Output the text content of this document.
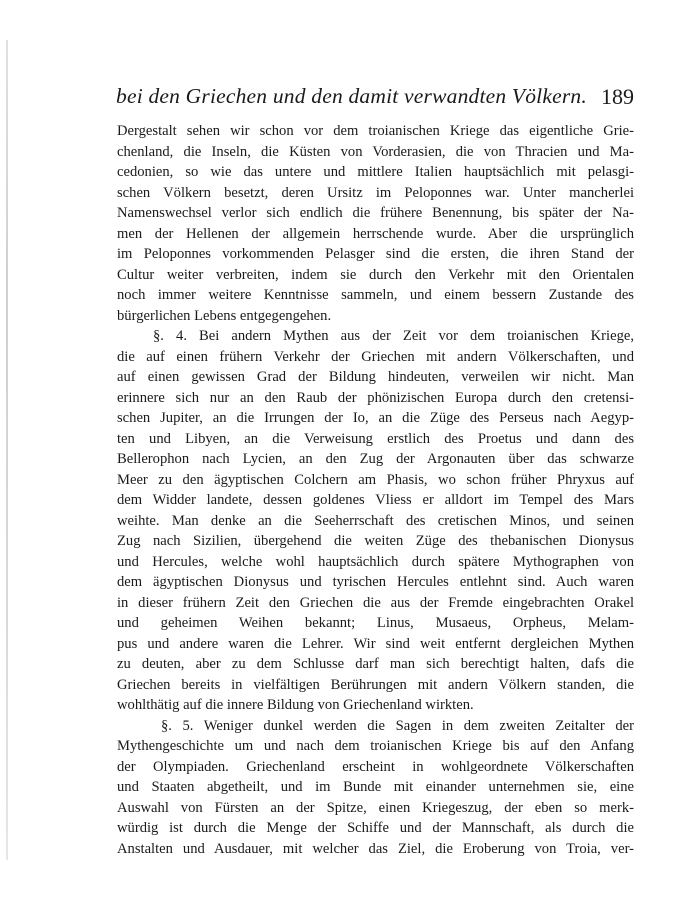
bei den Griechen und den damit verwandten Völkern. 189
Dergestalt sehen wir schon vor dem troianischen Kriege das eigentliche Grie-
chenland, die Inseln, die Küsten von Vorderasien, die von Thracien und Ma-
cedonien, so wie das untere und mittlere Italien hauptsächlich mit pelasgi-
schen Völkern besetzt, deren Ursitz im Peloponnes war. Unter mancherlei
Namenswechsel verlor sich endlich die frühere Benennung, bis später der Na-
men der Hellenen der allgemein herrschende wurde. Aber die ursprünglich
im Peloponnes vorkommenden Pelasger sind die ersten, die ihren Stand der
Cultur weiter verbreiten, indem sie durch den Verkehr mit den Orientalen
noch immer weitere Kenntnisse sammeln, und einem bessern Zustande des
bürgerlichen Lebens entgegengehen.
§. 4. Bei andern Mythen aus der Zeit vor dem troianischen Kriege,
die auf einen frühern Verkehr der Griechen mit andern Völkerschaften, und
auf einen gewissen Grad der Bildung hindeuten, verweilen wir nicht. Man
erinnere sich nur an den Raub der phönizischen Europa durch den cretensi-
schen Jupiter, an die Irrungen der Io, an die Züge des Perseus nach Aegyp-
ten und Libyen, an die Verweisung erstlich des Proetus und dann des
Bellerophon nach Lycien, an den Zug der Argonauten über das schwarze
Meer zu den ägyptischen Colchern am Phasis, wo schon früher Phryxus auf
dem Widder landete, dessen goldenes Vliess er alldort im Tempel des Mars
weihte. Man denke an die Seeherrschaft des cretischen Minos, und seinen
Zug nach Sizilien, übergehend die weiten Züge des thebanischen Dionysus
und Hercules, welche wohl hauptsächlich durch spätere Mythographen von
dem ägyptischen Dionysus und tyrischen Hercules entlehnt sind. Auch waren
in dieser frühern Zeit den Griechen die aus der Fremde eingebrachten Orakel
und geheimen Weihen bekannt; Linus, Musaeus, Orpheus, Melam-
pus und andere waren die Lehrer. Wir sind weit entfernt dergleichen Mythen
zu deuten, aber zu dem Schlusse darf man sich berechtigt halten, dafs die
Griechen bereits in vielfältigen Berührungen mit andern Völkern standen, die
wohlthätig auf die innere Bildung von Griechenland wirkten.
§. 5. Weniger dunkel werden die Sagen in dem zweiten Zeitalter der
Mythengeschichte um und nach dem troianischen Kriege bis auf den Anfang
der Olympiaden. Griechenland erscheint in wohlgeordnete Völkerschaften
und Staaten abgetheilt, und im Bunde mit einander unternehmen sie, eine
Auswahl von Fürsten an der Spitze, einen Kriegeszug, der eben so merk-
würdig ist durch die Menge der Schiffe und der Mannschaft, als durch die
Anstalten und Ausdauer, mit welcher das Ziel, die Eroberung von Troia, ver-
